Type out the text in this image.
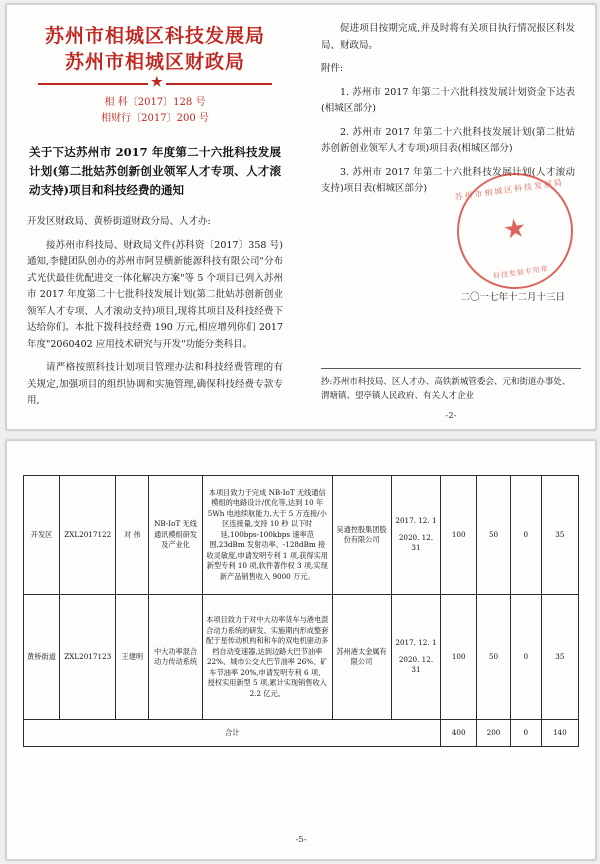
苏州市相城区科技发展局
苏州市相城区财政局
★
相 科〔2017〕128 号
相财行〔2017〕200 号
关于下达苏州市 2017 年度第二十六批科技发展计划(第二批姑苏创新创业领军人才专项、人才滚动支持)项目和科技经费的通知

开发区财政局、黄桥街道财政分局、人才办:

接苏州市科技局、财政局文件(苏科资〔2017〕358 号)通知,李健团队创办的苏州市阿昱横新能源科技有限公司"分布式光伏最佳优配进交一体化解决方案"等 5 个项目已列入苏州市 2017 年度第二十七批科技发展计划(第二批姑苏创新创业领军人才专项、人才滚动支持)项目,现将其项目及科技经费下达给你们。本批下拨科技经费 190 万元,相应增列你们 2017 年度"2060402 应用技术研究与开发"功能分类科目。

请严格按照科技计划项目管理办法和科技经费管理的有关规定,加强项目的组织协调和实施管理,确保科技经费专款专用,

促进项目按期完成,并及时将有关项目执行情况报区科发局、财政局。

附件:

1. 苏州市 2017 年第二十六批科技发展计划资金下达表(相城区部分)

2. 苏州市 2017 年第二十六批科技发展计划(第二批姑苏创新创业领军人才专项)项目表(相城区部分)

3. 苏州市 2017 年第二十六批科技发展计划(人才滚动支持)项目表(相城区部分)	★ 苏州市相城区科技发展局
科技发展专用章
二〇一七年十二月十三日
抄:苏州市科技局、区人才办、高铁新城管委会、元和街道办事处、
渭塘镇、望亭镇人民政府、有关人才企业
-2-
开发区	ZXL2017122	对 伟	NB-IoT 无线通讯模组研发及产业化	本项目致力于完成 NB-IoT 无线通信模组的电路设计/优化等,达到 10 年 5Wh 电池续航能力,大于 5 万连接/小区连接量,支持 10 秒 以下时延,100bps-100kbps 速率范围,23dBm 发射功率、-128dBm 接收灵敏度,申请发明专利 1 项,获得实用新型专利 10 项,软件著作权 3 项,实现新产品销售收入 9000 万元。	吴通控股集团股份有限公司	2017. 12. 1
2020. 12. 31	100	50	0	35
黄桥街道	ZXL2017123	王建明	中大功率混合动力传动系统	本项目致力于对中大功率货车与港电混合动力系统的研发、实施期内形成整套配于星传动机构和和车的双电机驱动多档自动变速器,达到边路大巴节油率 22%、城市公交大巴节油率 26%、矿车节油率 20%,申请发明专利 6 项、授权实用新型 5 项,累计实现销售收入 2.2 亿元。	苏州港太金属有限公司	2017. 12. 1
2020. 12. 31	100	50	0	35
合计							400	200	0	140
-5-
